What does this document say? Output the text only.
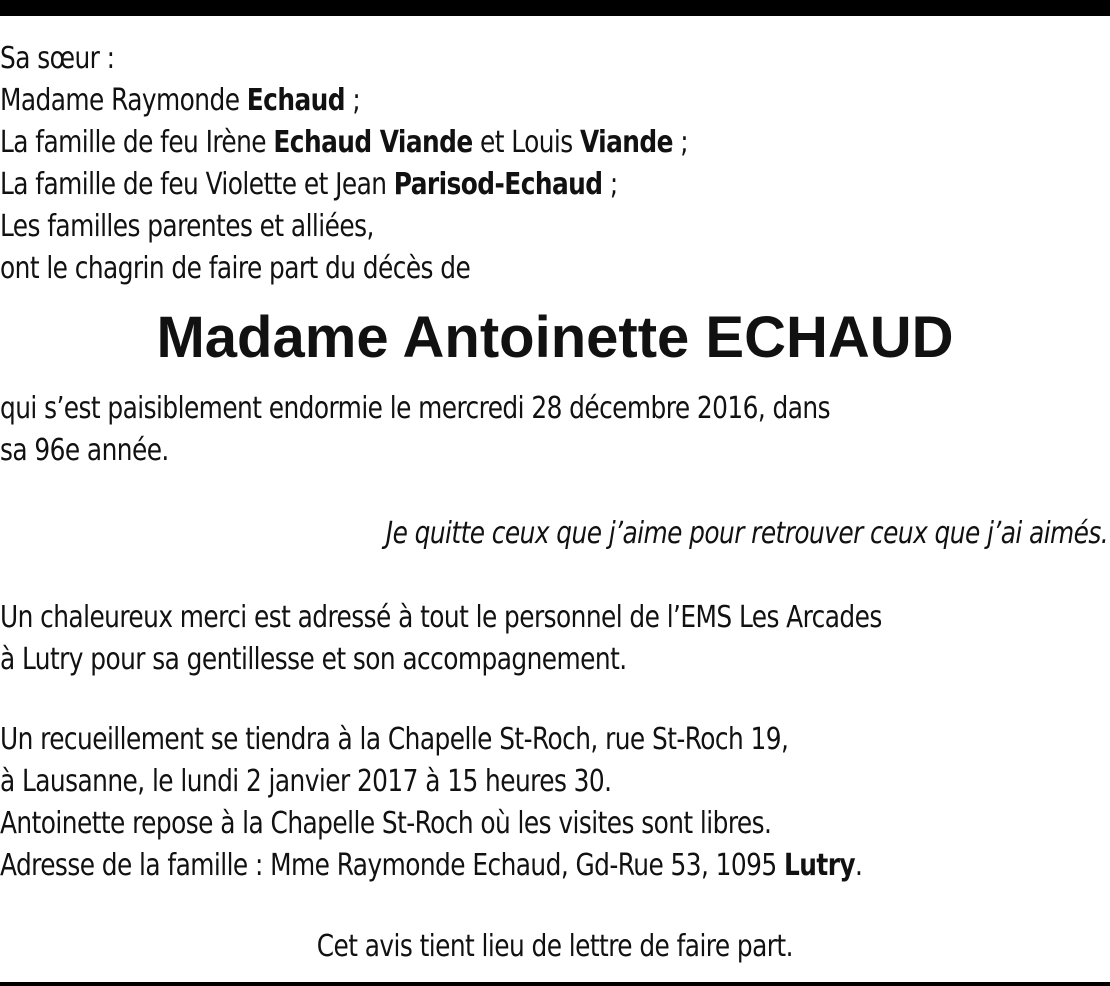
Sa sœur :
Madame Raymonde Echaud ;
La famille de feu Irène Echaud Viande et Louis Viande ;
La famille de feu Violette et Jean Parisod-Echaud ;
Les familles parentes et alliées,
ont le chagrin de faire part du décès de
Madame Antoinette ECHAUD
qui s’est paisiblement endormie le mercredi 28 décembre 2016, dans
sa 96e année.
Je quitte ceux que j’aime pour retrouver ceux que j’ai aimés.
Un chaleureux merci est adressé à tout le personnel de l’EMS Les Arcades
à Lutry pour sa gentillesse et son accompagnement.
Un recueillement se tiendra à la Chapelle St-Roch, rue St-Roch 19,
à Lausanne, le lundi 2 janvier 2017 à 15 heures 30.
Antoinette repose à la Chapelle St-Roch où les visites sont libres.
Adresse de la famille : Mme Raymonde Echaud, Gd-Rue 53, 1095 Lutry.
Cet avis tient lieu de lettre de faire part.
